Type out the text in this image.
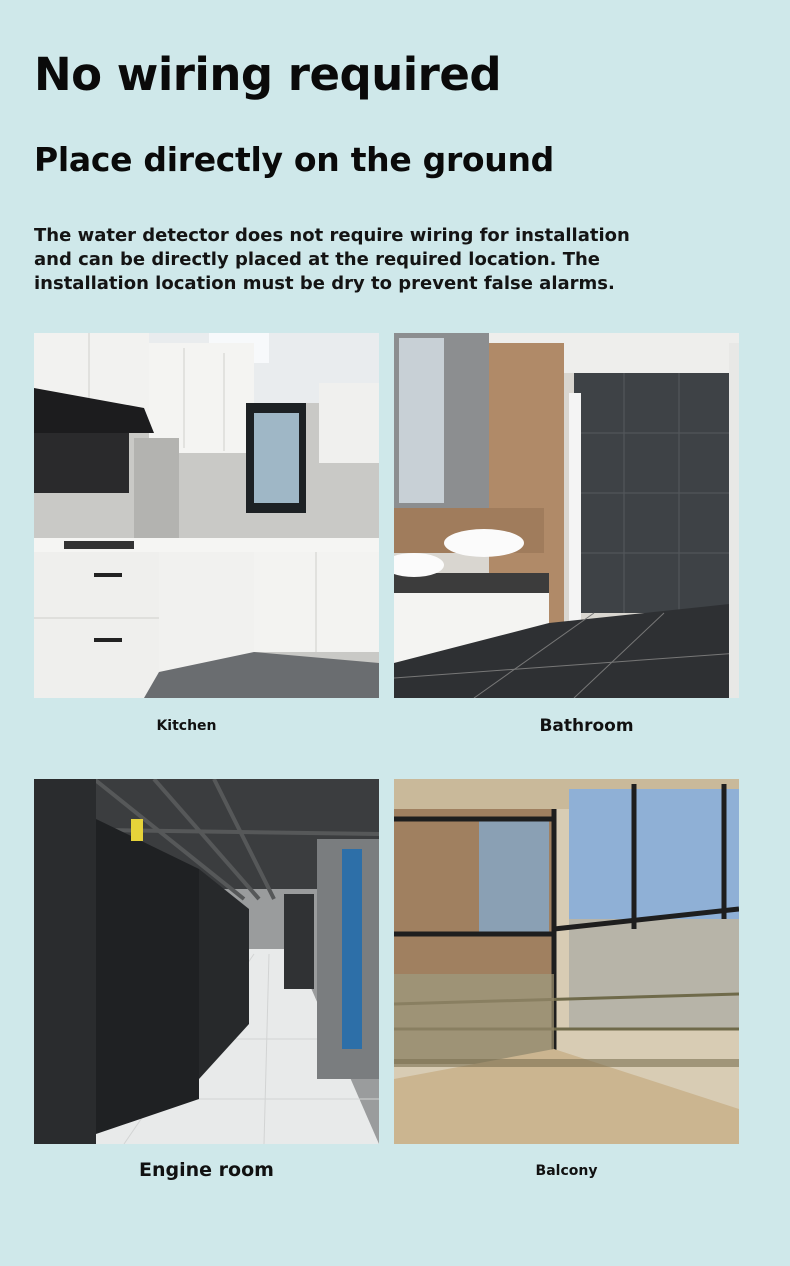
No wiring required
Place directly on the ground

The water detector does not require wiring for installation and can be directly placed at the required location. The installation location must be dry to prevent false alarms.

Kitchen	Bathroom
Engine room	Balcony
